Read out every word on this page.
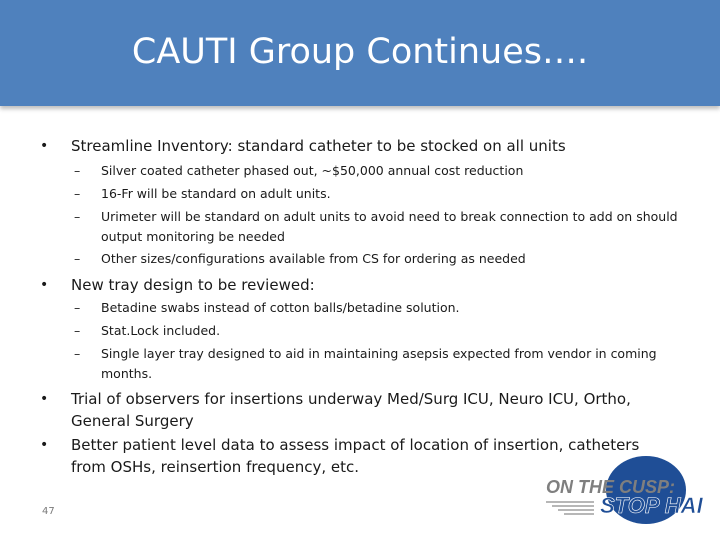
CAUTI Group Continues….
• Streamline Inventory: standard catheter to be stocked on all units
– Silver coated catheter phased out, ~$50,000 annual cost reduction
– 16-Fr will be standard on adult units.
– Urimeter will be standard on adult units to avoid need to break connection to add on should output monitoring be needed
– Other sizes/configurations available from CS for ordering as needed
• New tray design to be reviewed:
– Betadine swabs instead of cotton balls/betadine solution.
– Stat.Lock included.
– Single layer tray designed to aid in maintaining asepsis expected from vendor in coming months.
• Trial of observers for insertions underway Med/Surg ICU, Neuro ICU, Ortho, General Surgery
• Better patient level data to assess impact of location of insertion, catheters from OSHs, reinsertion frequency, etc.
47
ON THE CUSP:
STOP HAI
